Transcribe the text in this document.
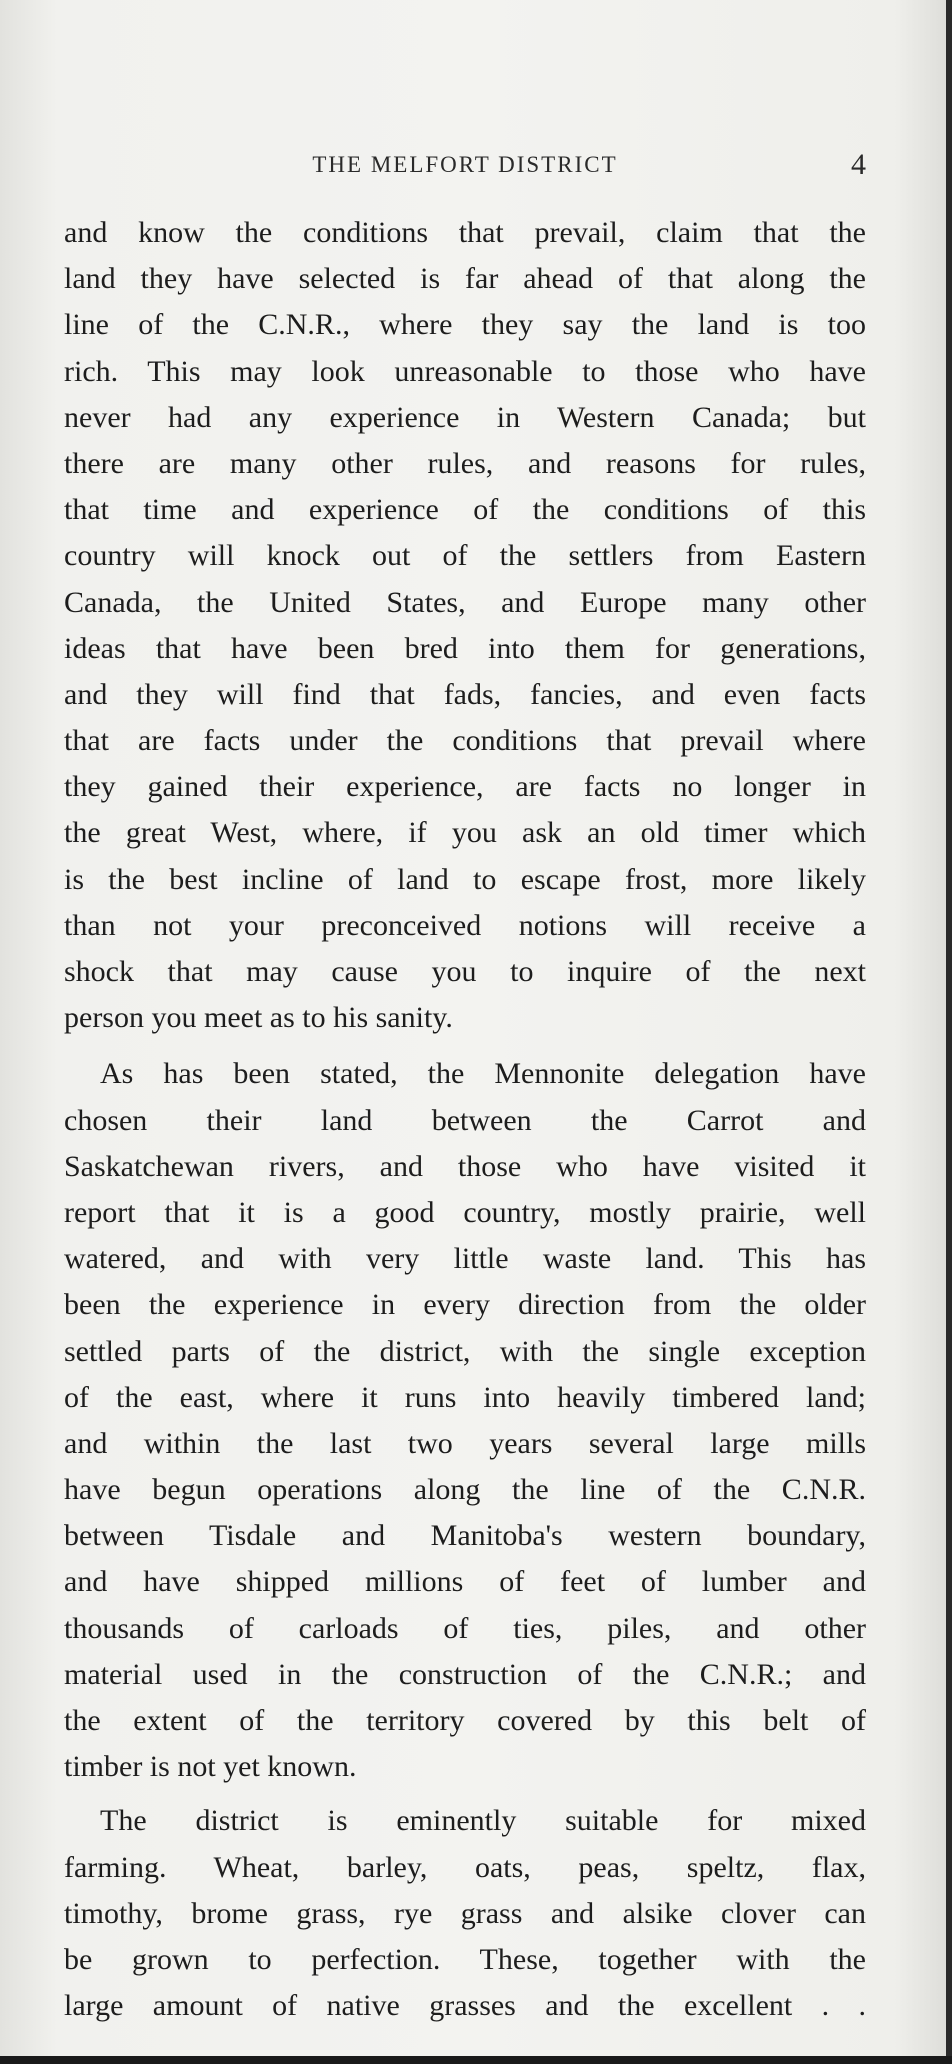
THE MELFORT DISTRICT	4
and know the conditions that prevail, claim that the
land they have selected is far ahead of that along the
line of the C.N.R., where they say the land is too
rich. This may look unreasonable to those who have
never had any experience in Western Canada; but
there are many other rules, and reasons for rules,
that time and experience of the conditions of this
country will knock out of the settlers from Eastern
Canada, the United States, and Europe many other
ideas that have been bred into them for generations,
and they will find that fads, fancies, and even facts
that are facts under the conditions that prevail where
they gained their experience, are facts no longer in
the great West, where, if you ask an old timer which
is the best incline of land to escape frost, more likely
than not your preconceived notions will receive a
shock that may cause you to inquire of the next
person you meet as to his sanity.
As has been stated, the Mennonite delegation have
chosen their land between the Carrot and
Saskatchewan rivers, and those who have visited it
report that it is a good country, mostly prairie, well
watered, and with very little waste land. This has
been the experience in every direction from the older
settled parts of the district, with the single exception
of the east, where it runs into heavily timbered land;
and within the last two years several large mills
have begun operations along the line of the C.N.R.
between Tisdale and Manitoba's western boundary,
and have shipped millions of feet of lumber and
thousands of carloads of ties, piles, and other
material used in the construction of the C.N.R.; and
the extent of the territory covered by this belt of
timber is not yet known.
The district is eminently suitable for mixed
farming. Wheat, barley, oats, peas, speltz, flax,
timothy, brome grass, rye grass and alsike clover can
be grown to perfection. These, together with the
large amount of native grasses and the excellent . .
